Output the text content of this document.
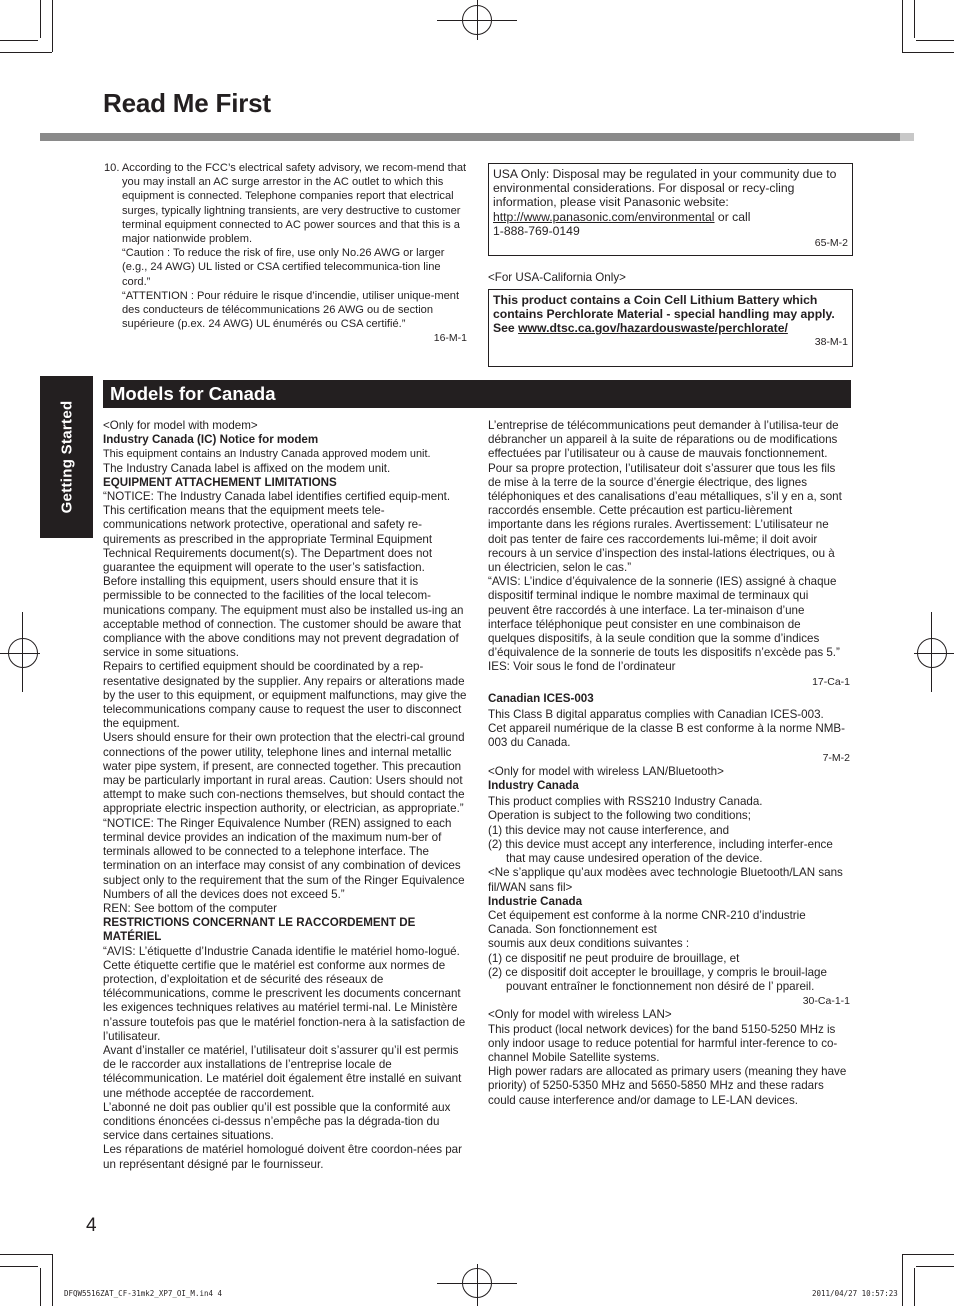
Read Me First

10. According to the FCC’s electrical safety advisory, we recom-mend that you may install an AC surge arrestor in the AC outlet to which this equipment is connected. Telephone companies report that electrical surges, typically lightning transients, are very destructive to customer terminal equipment connected to AC power sources and that this is a major nationwide problem.

“Caution : To reduce the risk of fire, use only No.26 AWG or larger (e.g., 24 AWG) UL listed or CSA certified telecommunica-tion line cord.”

“ATTENTION : Pour réduire le risque d’incendie, utiliser unique-ment des conducteurs de télécommunications 26 AWG ou de section supérieure (p.ex. 24 AWG) UL énumérés ou CSA certifié.”

16-M-1

USA Only: Disposal may be regulated in your community due to environmental considerations. For disposal or recy-cling information, please visit Panasonic website: http://www.panasonic.com/environmental or call
1-888-769-0149
65-M-2
<For USA-California Only>
This product contains a Coin Cell Lithium Battery which contains Perchlorate Material - special handling may apply.
See www.dtsc.ca.gov/hazardouswaste/perchlorate/
38-M-1
Getting Started
Models for Canada

<Only for model with modem>

Industry Canada (IC) Notice for modem

This equipment contains an Industry Canada approved modem unit.

The Industry Canada label is affixed on the modem unit.

EQUIPMENT ATTACHEMENT LIMITATIONS

“NOTICE: The Industry Canada label identifies certified equip-ment. This certification means that the equipment meets tele-communications network protective, operational and safety re-quirements as prescribed in the appropriate Terminal Equipment Technical Requirements document(s). The Department does not guarantee the equipment will operate to the user’s satisfaction.

Before installing this equipment, users should ensure that it is permissible to be connected to the facilities of the local telecom-munications company. The equipment must also be installed us-ing an acceptable method of connection. The customer should be aware that compliance with the above conditions may not prevent degradation of service in some situations.

Repairs to certified equipment should be coordinated by a rep-resentative designated by the supplier. Any repairs or alterations made by the user to this equipment, or equipment malfunctions, may give the telecommunications company cause to request the user to disconnect the equipment.

Users should ensure for their own protection that the electri-cal ground connections of the power utility, telephone lines and internal metallic water pipe system, if present, are connected together. This precaution may be particularly important in rural areas. Caution: Users should not attempt to make such con-nections themselves, but should contact the appropriate electric inspection authority, or electrician, as appropriate.”

“NOTICE: The Ringer Equivalence Number (REN) assigned to each terminal device provides an indication of the maximum num-ber of terminals allowed to be connected to a telephone interface. The termination on an interface may consist of any combination of devices subject only to the requirement that the sum of the Ringer Equivalence Numbers of all the devices does not exceed 5.”

REN: See bottom of the computer

RESTRICTIONS CONCERNANT LE RACCORDEMENT DE MATÉRIEL

“AVIS: L’étiquette d’Industrie Canada identifie le matériel homo-logué. Cette étiquette certifie que le matériel est conforme aux normes de protection, d’exploitation et de sécurité des réseaux de télécommunications, comme le prescrivent les documents concernant les exigences techniques relatives au matériel termi-nal. Le Ministère n’assure toutefois pas que le matériel fonction-nera à la satisfaction de l’utilisateur.

Avant d’installer ce matériel, l’utilisateur doit s’assurer qu’il est permis de le raccorder aux installations de l’entreprise locale de télécommunication. Le matériel doit également être installé en suivant une méthode acceptée de raccordement.

L’abonné ne doit pas oublier qu’il est possible que la conformité aux conditions énoncées ci-dessus n’empêche pas la dégrada-tion du service dans certaines situations.

Les réparations de matériel homologué doivent être coordon-nées par un représentant désigné par le fournisseur.

L’entreprise de télécommunications peut demander à l’utilisa-teur de débrancher un appareil à la suite de réparations ou de modifications effectuées par l’utilisateur ou à cause de mauvais fonctionnement.

Pour sa propre protection, l’utilisateur doit s’assurer que tous les fils de mise à la terre de la source d’énergie électrique, des lignes téléphoniques et des canalisations d’eau métalliques, s’il y en a, sont raccordés ensemble. Cette précaution est particu-lièrement importante dans les régions rurales. Avertissement: L’utilisateur ne doit pas tenter de faire ces raccordements lui-même; il doit avoir recours à un service d’inspection des instal-lations électriques, ou à un électricien, selon le cas.”

“AVIS: L’indice d’équivalence de la sonnerie (IES) assigné à chaque dispositif terminal indique le nombre maximal de terminaux qui peuvent être raccordés à une interface. La ter-minaison d’une interface téléphonique peut consister en une combinaison de quelques dispositifs, à la seule condition que la somme d’indices d’équivalence de la sonnerie de touts les dispositifs n’excède pas 5.”

IES: Voir sous le fond de l’ordinateur

17-Ca-1

Canadian ICES-003

This Class B digital apparatus complies with Canadian ICES-003.

Cet appareil numérique de la classe B est conforme à la norme NMB-003 du Canada.

7-M-2

<Only for model with wireless LAN/Bluetooth>

Industry Canada

This product complies with RSS210 Industry Canada.

Operation is subject to the following two conditions;

(1) this device may not cause interference, and

(2) this device must accept any interference, including interfer-ence that may cause undesired operation of the device.

<Ne s’applique qu’aux modèes avec technologie Bluetooth/LAN sans fil/WAN sans fil>

Industrie Canada

Cet équipement est conforme à la norme CNR-210 d’industrie Canada. Son fonctionnement est

soumis aux deux conditions suivantes :

(1) ce dispositif ne peut produire de brouillage, et

(2) ce dispositif doit accepter le brouillage, y compris le brouil-lage pouvant entraîner le fonctionnement non désiré de l’ ppareil.

30-Ca-1-1

<Only for model with wireless LAN>

This product (local network devices) for the band 5150-5250 MHz is only indoor usage to reduce potential for harmful inter-ference to co-channel Mobile Satellite systems.

High power radars are allocated as primary users (meaning they have priority) of 5250-5350 MHz and 5650-5850 MHz and these radars could cause interference and/or damage to LE-LAN devices.

4
DFQW5516ZAT_CF-31mk2_XP7_OI_M.in4 4	2011/04/27 10:57:23
